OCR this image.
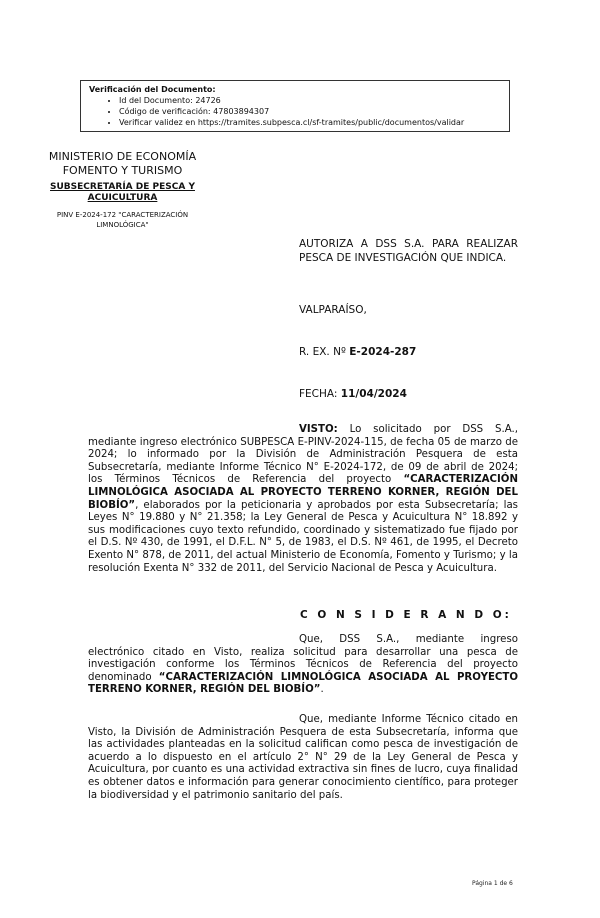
Verificación del Documento:
• Id del Documento: 24726
• Código de verificación: 47803894307
• Verificar validez en https://tramites.subpesca.cl/sf-tramites/public/documentos/validar
MINISTERIO DE ECONOMÍA
FOMENTO Y TURISMO
SUBSECRETARÍA DE PESCA Y ACUICULTURA
PINV E-2024-172 "CARACTERIZACIÓN LIMNOLÓGICA"
AUTORIZA A DSS S.A. PARA REALIZAR PESCA DE INVESTIGACIÓN QUE INDICA.
VALPARAÍSO,
R. EX. Nº E-2024-287
FECHA: 11/04/2024
VISTO: Lo solicitado por DSS S.A., mediante ingreso electrónico SUBPESCA E-PINV-2024-115, de fecha 05 de marzo de 2024; lo informado por la División de Administración Pesquera de esta Subsecretaría, mediante Informe Técnico N° E-2024-172, de 09 de abril de 2024; los Términos Técnicos de Referencia del proyecto “CARACTERIZACIÓN LIMNOLÓGICA ASOCIADA AL PROYECTO TERRENO KORNER, REGIÓN DEL BIOBÍO”, elaborados por la peticionaria y aprobados por esta Subsecretaría; las Leyes N° 19.880 y N° 21.358; la Ley General de Pesca y Acuicultura N° 18.892 y sus modificaciones cuyo texto refundido, coordinado y sistematizado fue fijado por el D.S. Nº 430, de 1991, el D.F.L. N° 5, de 1983, el D.S. Nº 461, de 1995, el Decreto Exento N° 878, de 2011, del actual Ministerio de Economía, Fomento y Turismo; y la resolución Exenta N° 332 de 2011, del Servicio Nacional de Pesca y Acuicultura.
C O N S I D E R A N D O:
Que, DSS S.A., mediante ingreso electrónico citado en Visto, realiza solicitud para desarrollar una pesca de investigación conforme los Términos Técnicos de Referencia del proyecto denominado “CARACTERIZACIÓN LIMNOLÓGICA ASOCIADA AL PROYECTO TERRENO KORNER, REGIÓN DEL BIOBÍO”.
Que, mediante Informe Técnico citado en Visto, la División de Administración Pesquera de esta Subsecretaría, informa que las actividades planteadas en la solicitud califican como pesca de investigación de acuerdo a lo dispuesto en el artículo 2° N° 29 de la Ley General de Pesca y Acuicultura, por cuanto es una actividad extractiva sin fines de lucro, cuya finalidad es obtener datos e información para generar conocimiento científico, para proteger la biodiversidad y el patrimonio sanitario del país.
Página 1 de 6
